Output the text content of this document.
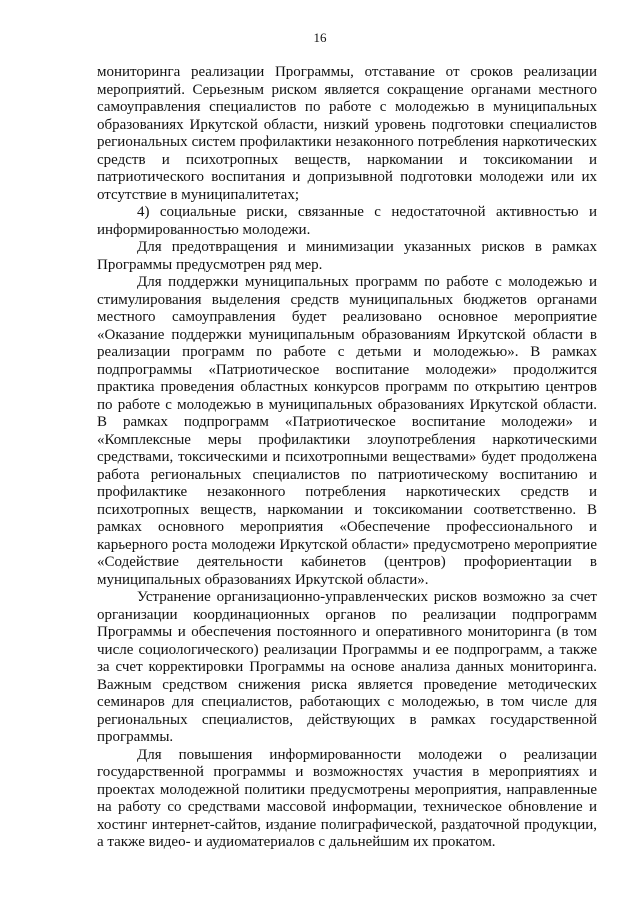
16

мониторинга реализации Программы, отставание от сроков реализации мероприятий. Серьезным риском является сокращение органами местного самоуправления специалистов по работе с молодежью в муниципальных образованиях Иркутской области, низкий уровень подготовки специалистов региональных систем профилактики незаконного потребления наркотических средств и психотропных веществ, наркомании и токсикомании и патриотического воспитания и допризывной подготовки молодежи или их отсутствие в муниципалитетах;

4) социальные риски, связанные с недостаточной активностью и информированностью молодежи.

Для предотвращения и минимизации указанных рисков в рамках Программы предусмотрен ряд мер.

Для поддержки муниципальных программ по работе с молодежью и стимулирования выделения средств муниципальных бюджетов органами местного самоуправления будет реализовано основное мероприятие «Оказание поддержки муниципальным образованиям Иркутской области в реализации программ по работе с детьми и молодежью». В рамках подпрограммы «Патриотическое воспитание молодежи» продолжится практика проведения областных конкурсов программ по открытию центров по работе с молодежью в муниципальных образованиях Иркутской области. В рамках подпрограмм «Патриотическое воспитание молодежи» и «Комплексные меры профилактики злоупотребления наркотическими средствами, токсическими и психотропными веществами» будет продолжена работа региональных специалистов по патриотическому воспитанию и профилактике незаконного потребления наркотических средств и психотропных веществ, наркомании и токсикомании соответственно. В рамках основного мероприятия «Обеспечение профессионального и карьерного роста молодежи Иркутской области» предусмотрено мероприятие «Содействие деятельности кабинетов (центров) профориентации в муниципальных образованиях Иркутской области».

Устранение организационно-управленческих рисков возможно за счет организации координационных органов по реализации подпрограмм Программы и обеспечения постоянного и оперативного мониторинга (в том числе социологического) реализации Программы и ее подпрограмм, а также за счет корректировки Программы на основе анализа данных мониторинга. Важным средством снижения риска является проведение методических семинаров для специалистов, работающих с молодежью, в том числе для региональных специалистов, действующих в рамках государственной программы.

Для повышения информированности молодежи о реализации государственной программы и возможностях участия в мероприятиях и проектах молодежной политики предусмотрены мероприятия, направленные на работу со средствами массовой информации, техническое обновление и хостинг интернет-сайтов, издание полиграфической, раздаточной продукции, а также видео- и аудиоматериалов с дальнейшим их прокатом.
